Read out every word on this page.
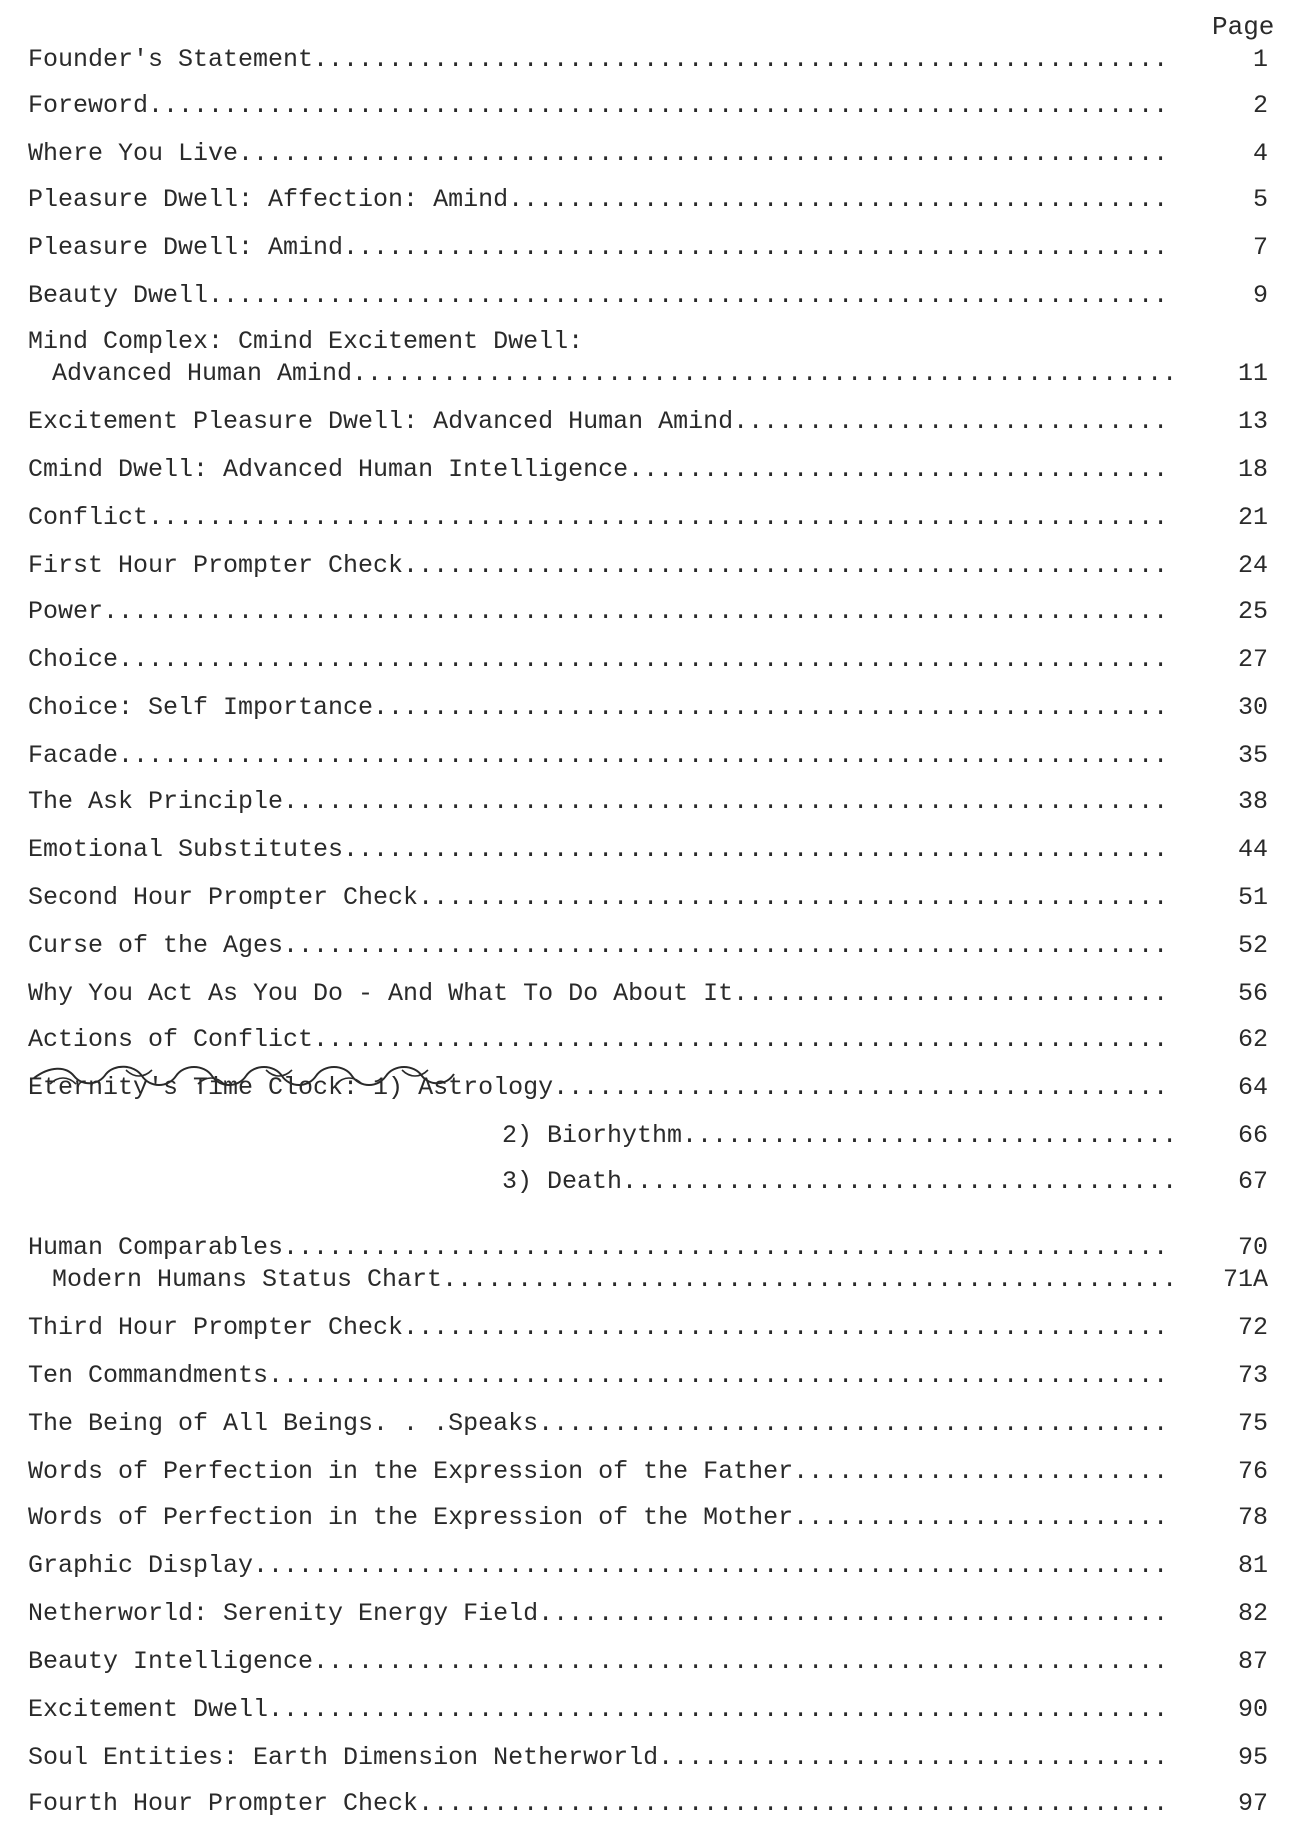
Page
Founder's Statement.........................................................	1
Foreword....................................................................	2
Where You Live..............................................................	4
Pleasure Dwell: Affection: Amind............................................	5
Pleasure Dwell: Amind.......................................................	7
Beauty Dwell................................................................	9
Mind Complex: Cmind Excitement Dwell:
Advanced Human Amind....................................................... 11
Excitement Pleasure Dwell: Advanced Human Amind.............................	13
Cmind Dwell: Advanced Human Intelligence....................................	18
Conflict....................................................................	21
First Hour Prompter Check...................................................	24
Power.......................................................................	25
Choice......................................................................	27
Choice: Self Importance.....................................................	30
Facade......................................................................	35
The Ask Principle...........................................................	38
Emotional Substitutes.......................................................	44
Second Hour Prompter Check..................................................	51
Curse of the Ages...........................................................	52
Why You Act As You Do - And What To Do About It.............................	56
Actions of Conflict.........................................................	62
Eternity's Time Clock: 1) Astrology.........................................	64
2) Biorhythm................................. 66
3) Death..................................... 67
Human Comparables...........................................................	70
Modern Humans Status Chart................................................. 71A
Third Hour Prompter Check...................................................	72
Ten Commandments............................................................	73
The Being of All Beings. . .Speaks..........................................	75
Words of Perfection in the Expression of the Father.........................	76
Words of Perfection in the Expression of the Mother.........................	78
Graphic Display.............................................................	81
Netherworld: Serenity Energy Field..........................................	82
Beauty Intelligence.........................................................	87
Excitement Dwell............................................................	90
Soul Entities: Earth Dimension Netherworld..................................	95
Fourth Hour Prompter Check..................................................	97
